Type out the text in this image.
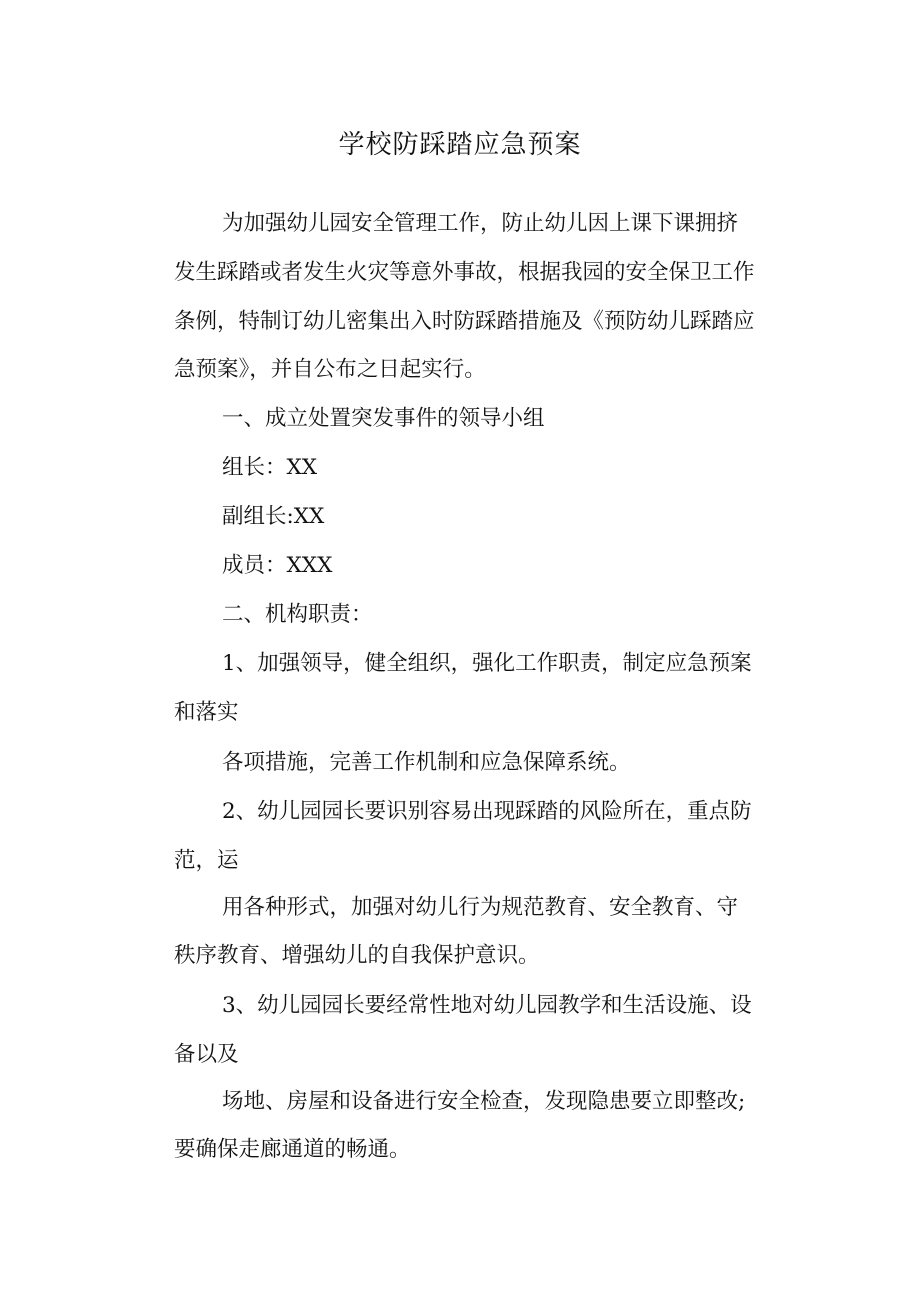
学校防踩踏应急预案
为加强幼儿园安全管理工作，防止幼儿因上课下课拥挤
发生踩踏或者发生火灾等意外事故，根据我园的安全保卫工作
条例，特制订幼儿密集出入时防踩踏措施及《预防幼儿踩踏应
急预案》，并自公布之日起实行。
一、成立处置突发事件的领导小组
组长：XX
副组长:XX
成员：XXX
二、机构职责：
1、加强领导，健全组织，强化工作职责，制定应急预案
和落实
各项措施，完善工作机制和应急保障系统。
2、幼儿园园长要识别容易出现踩踏的风险所在，重点防
范，运
用各种形式，加强对幼儿行为规范教育、安全教育、守
秩序教育、增强幼儿的自我保护意识。
3、幼儿园园长要经常性地对幼儿园教学和生活设施、设
备以及
场地、房屋和设备进行安全检查，发现隐患要立即整改;
要确保走廊通道的畅通。
